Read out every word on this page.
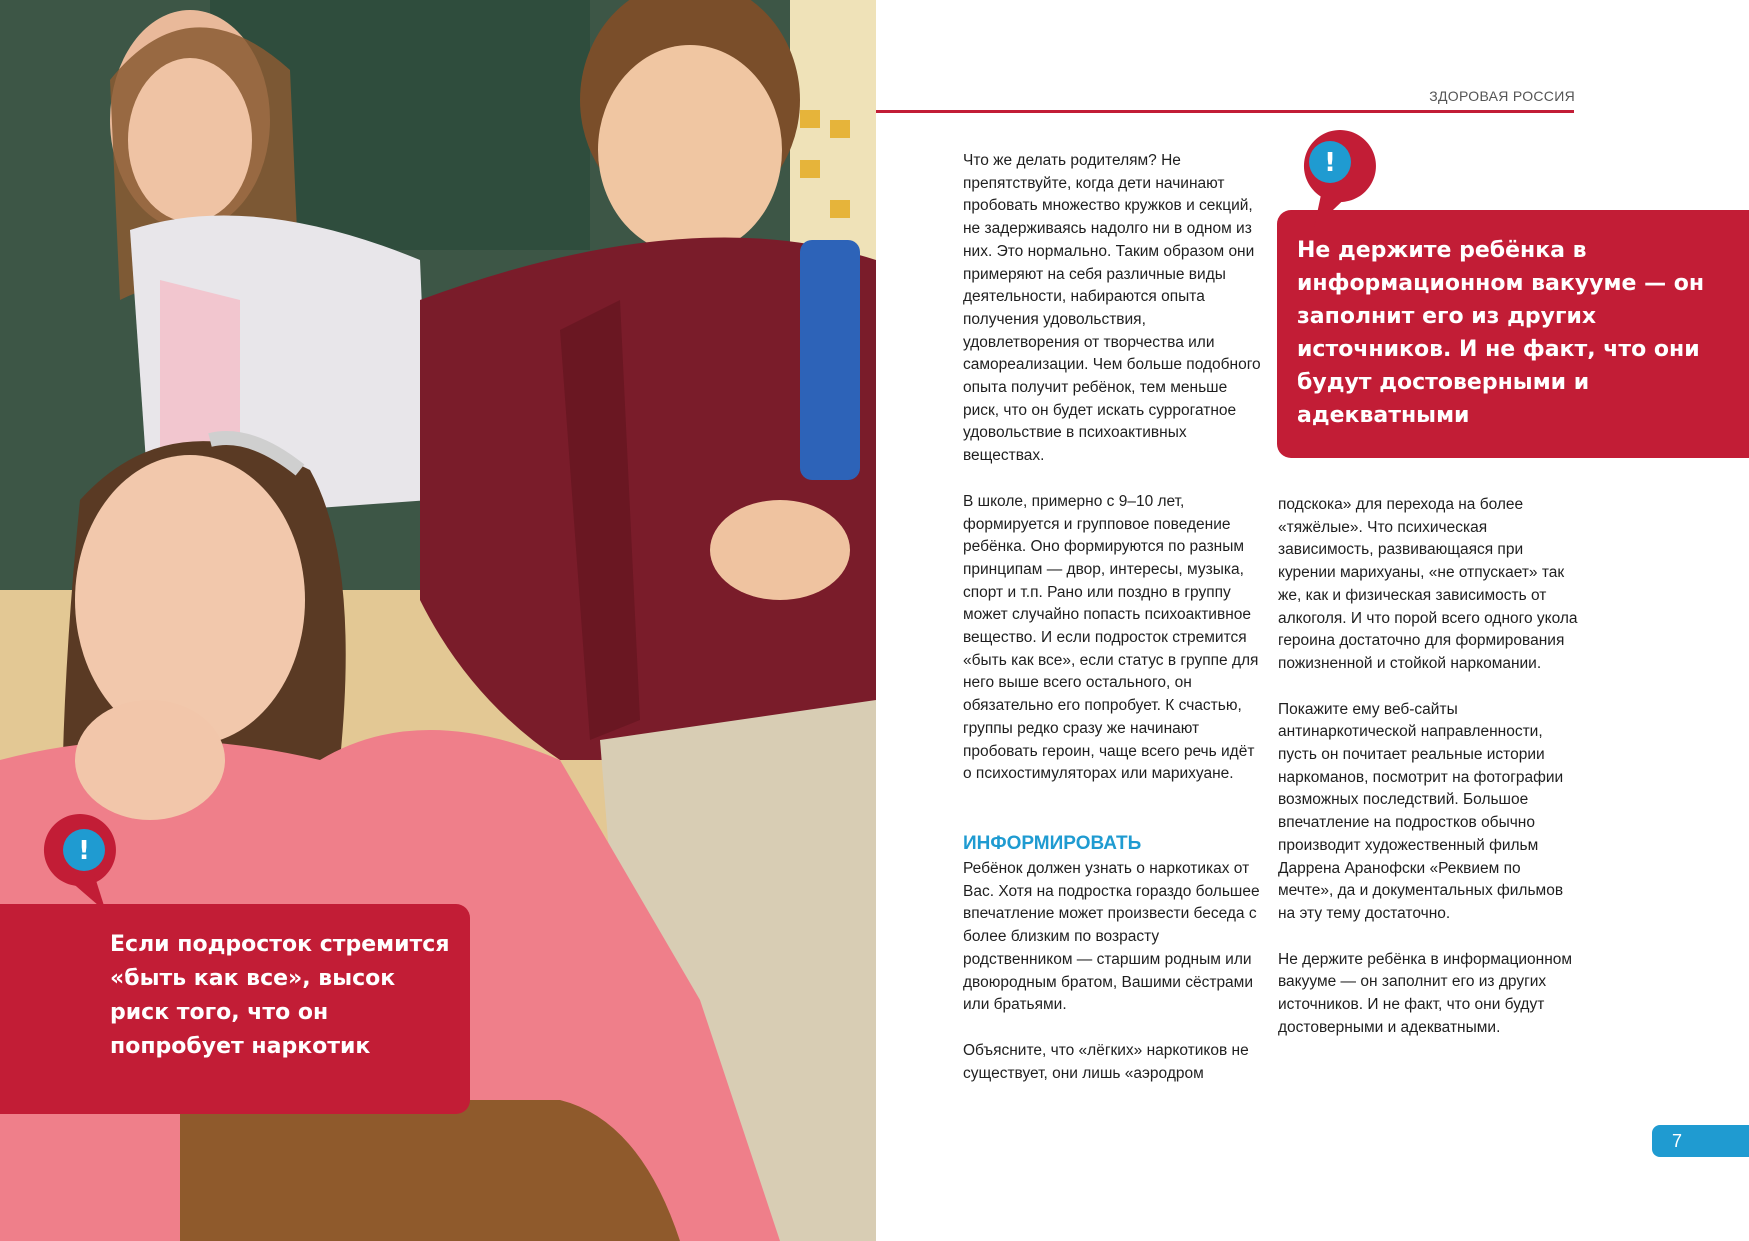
Если подросток стремится «быть как все», высок риск того, что он попробует наркотик
!
ЗДОРОВАЯ РОССИЯ
Не держите ребёнка в информационном вакууме — он заполнит его из других источников. И не факт, что они будут достоверными и адекватными
!

Что же делать родителям? Не препятствуйте, когда дети начинают пробовать множество кружков и секций, не задерживаясь надолго ни в одном из них. Это нормально. Таким образом они примеряют на себя различные виды деятельности, набираются опыта получения удовольствия, удовлетворения от творчества или самореализации. Чем больше подобного опыта получит ребёнок, тем меньше риск, что он будет искать суррогатное удовольствие в психоактивных веществах.

В школе, примерно с 9–10 лет, формируется и групповое поведение ребёнка. Оно формируются по разным принципам — двор, интересы, музыка, спорт и т.п. Рано или поздно в группу может случайно попасть психоактивное вещество. И если подросток стремится «быть как все», если статус в группе для него выше всего остального, он обязательно его попробует. К счастью, группы редко сразу же начинают пробовать героин, чаще всего речь идёт о психостимуляторах или марихуане.

ИНФОРМИРОВАТЬ

Ребёнок должен узнать о наркотиках от Вас. Хотя на подростка гораздо большее впечатление может произвести беседа с более близким по возрасту родственником — старшим родным или двоюродным братом, Вашими сёстрами или братьями.

Объясните, что «лёгких» наркотиков не существует, они лишь «аэродром

подскока» для перехода на более «тяжёлые». Что психическая зависимость, развивающаяся при курении марихуаны, «не отпускает» так же, как и физическая зависимость от алкоголя. И что порой всего одного укола героина достаточно для формирования пожизненной и стойкой наркомании.

Покажите ему веб-сайты антинаркотической направленности, пусть он почитает реальные истории наркоманов, посмотрит на фотографии возможных последствий. Большое впечатление на подростков обычно производит художественный фильм Даррена Аранофски «Реквием по мечте», да и документальных фильмов на эту тему достаточно.

Не держите ребёнка в информационном вакууме — он заполнит его из других источников. И не факт, что они будут достоверными и адекватными.

7
